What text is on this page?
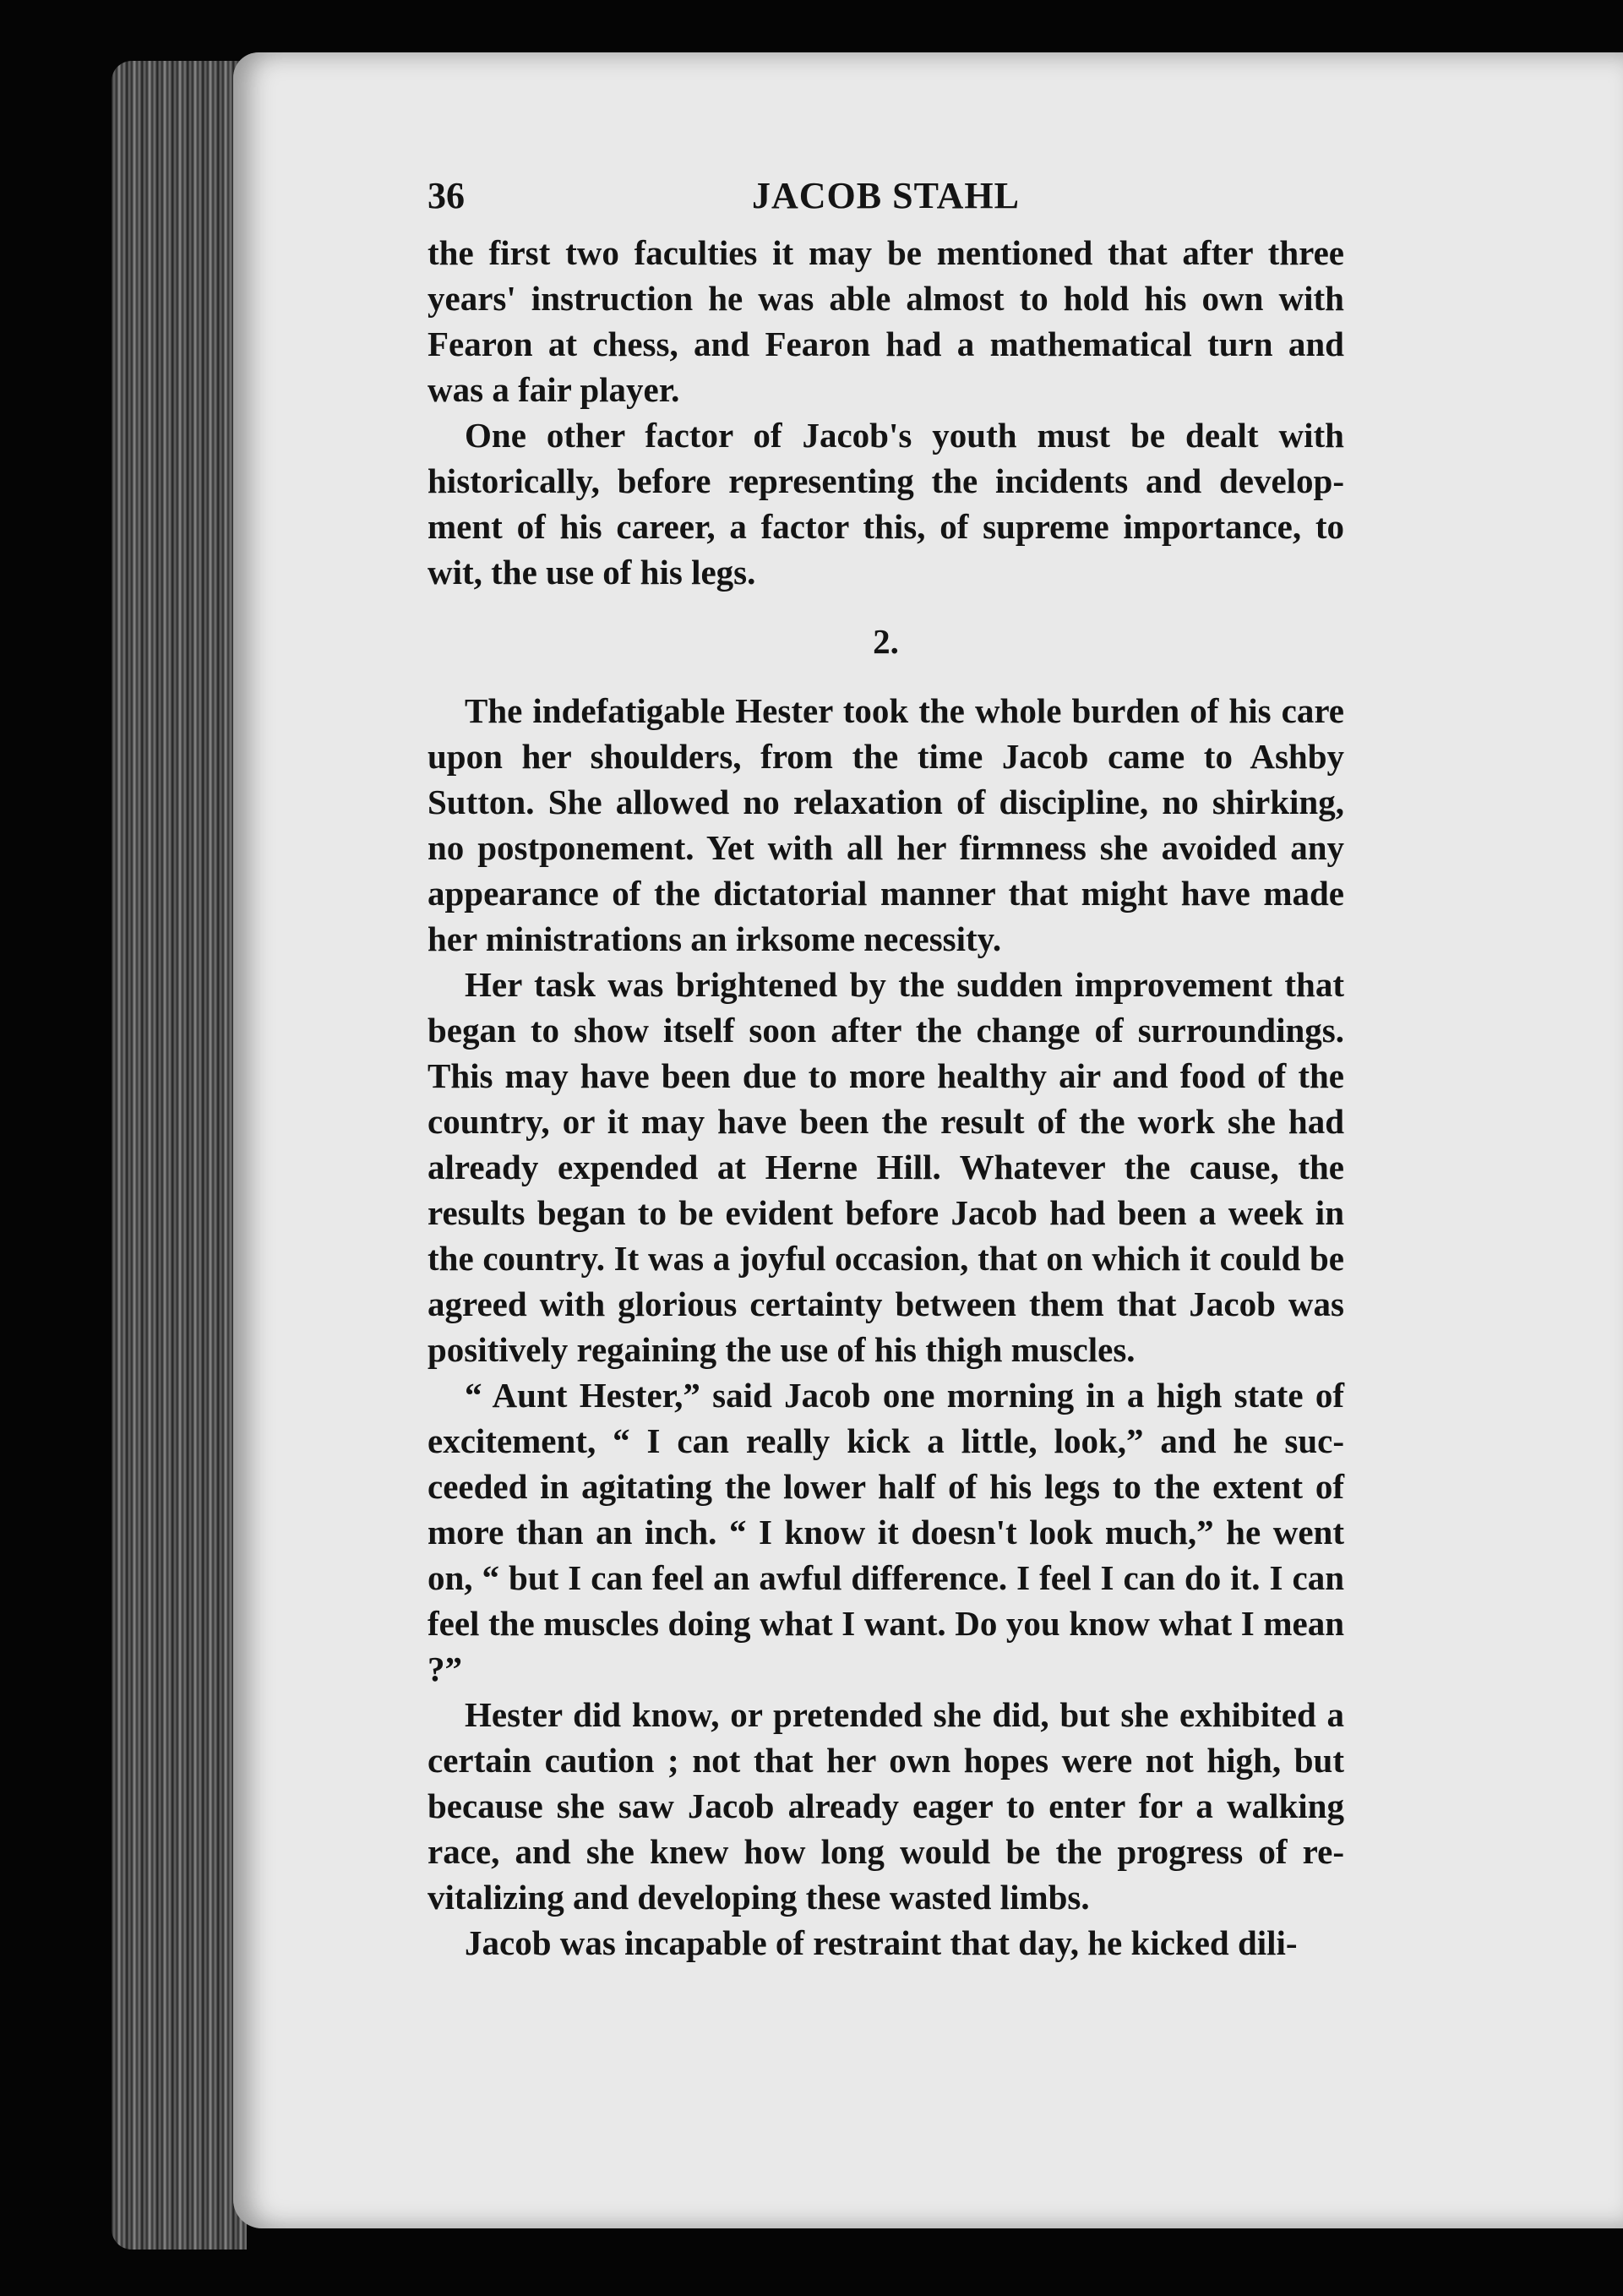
36	JACOB STAHL

the first two faculties it may be mentioned that after three years' instruction he was able almost to hold his own with Fearon at chess, and Fearon had a mathematical turn and was a fair player.

One other factor of Jacob's youth must be dealt with historically, before representing the incidents and develop-ment of his career, a factor this, of supreme importance, to wit, the use of his legs.

2.

The indefatigable Hester took the whole burden of his care upon her shoulders, from the time Jacob came to Ashby Sutton. She allowed no relaxation of discipline, no shirking, no postponement. Yet with all her firmness she avoided any appearance of the dictatorial manner that might have made her ministrations an irksome necessity.

Her task was brightened by the sudden improvement that began to show itself soon after the change of surroundings. This may have been due to more healthy air and food of the country, or it may have been the result of the work she had already expended at Herne Hill. Whatever the cause, the results began to be evident before Jacob had been a week in the country. It was a joyful occasion, that on which it could be agreed with glorious certainty between them that Jacob was positively regaining the use of his thigh muscles.

“ Aunt Hester,” said Jacob one morning in a high state of excitement, “ I can really kick a little, look,” and he suc-ceeded in agitating the lower half of his legs to the extent of more than an inch. “ I know it doesn't look much,” he went on, “ but I can feel an awful difference. I feel I can do it. I can feel the muscles doing what I want. Do you know what I mean ?”

Hester did know, or pretended she did, but she exhibited a certain caution ; not that her own hopes were not high, but because she saw Jacob already eager to enter for a walking race, and she knew how long would be the progress of re-vitalizing and developing these wasted limbs.

Jacob was incapable of restraint that day, he kicked dili-
